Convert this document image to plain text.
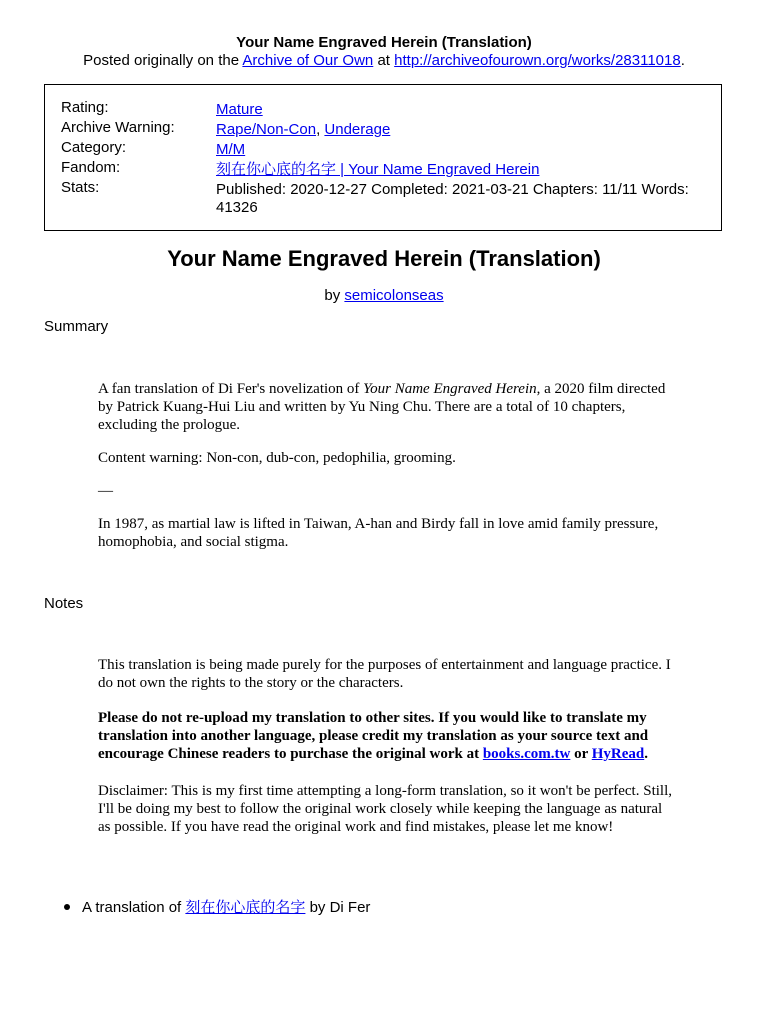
Your Name Engraved Herein (Translation)
Posted originally on the Archive of Our Own at http://archiveofourown.org/works/28311018.
Rating:	Mature
Archive Warning:	Rape/Non-Con, Underage
Category:	M/M
Fandom:	刻在你心底的名字 | Your Name Engraved Herein
Stats:	Published: 2020-12-27 Completed: 2021-03-21 Chapters: 11/11 Words: 41326
Your Name Engraved Herein (Translation)
by semicolonseas
Summary
A fan translation of Di Fer's novelization of Your Name Engraved Herein, a 2020 film directed by Patrick Kuang-Hui Liu and written by Yu Ning Chu. There are a total of 10 chapters, excluding the prologue.
Content warning: Non-con, dub-con, pedophilia, grooming.
—
In 1987, as martial law is lifted in Taiwan, A-han and Birdy fall in love amid family pressure, homophobia, and social stigma.
Notes
This translation is being made purely for the purposes of entertainment and language practice. I do not own the rights to the story or the characters.
Please do not re-upload my translation to other sites. If you would like to translate my translation into another language, please credit my translation as your source text and encourage Chinese readers to purchase the original work at books.com.tw or HyRead.
Disclaimer: This is my first time attempting a long-form translation, so it won't be perfect. Still, I'll be doing my best to follow the original work closely while keeping the language as natural as possible. If you have read the original work and find mistakes, please let me know!
A translation of 刻在你心底的名字 by Di Fer
